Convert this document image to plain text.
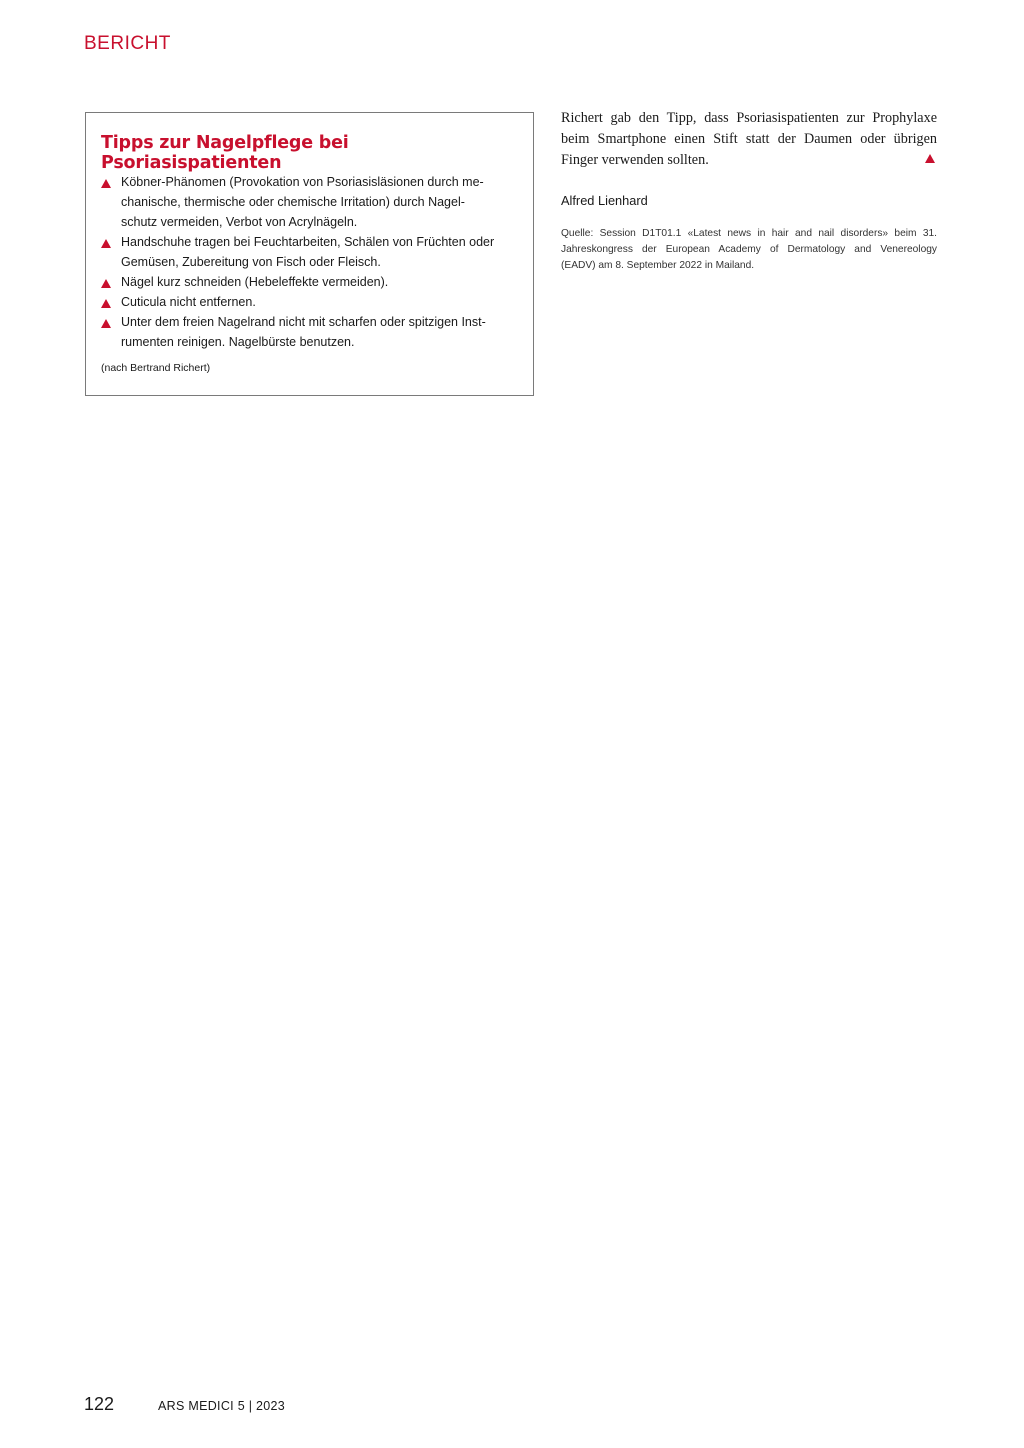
BERICHT
Tipps zur Nagelpflege bei Psoriasispatienten
Köbner-Phänomen (Provokation von Psoriasisläsionen durch me-
chanische, thermische oder chemische Irritation) durch Nagel-
schutz vermeiden, Verbot von Acrylnägeln.
Handschuhe tragen bei Feuchtarbeiten, Schälen von Früchten oder
Gemüsen, Zubereitung von Fisch oder Fleisch.
Nägel kurz schneiden (Hebeleffekte vermeiden).
Cuticula nicht entfernen.
Unter dem freien Nagelrand nicht mit scharfen oder spitzigen Inst-
rumenten reinigen. Nagelbürste benutzen.
(nach Bertrand Richert)
Richert gab den Tipp, dass Psoriasispatienten zur Prophylaxe
beim Smartphone einen Stift statt der Daumen oder übrigen
Finger verwenden sollten.
Alfred Lienhard
Quelle: Session D1T01.1 «Latest news in hair and nail disorders» beim 31.
Jahreskongress der European Academy of Dermatology and Venereology
(EADV) am 8. September 2022 in Mailand.
122	ARS MEDICI 5 | 2023
